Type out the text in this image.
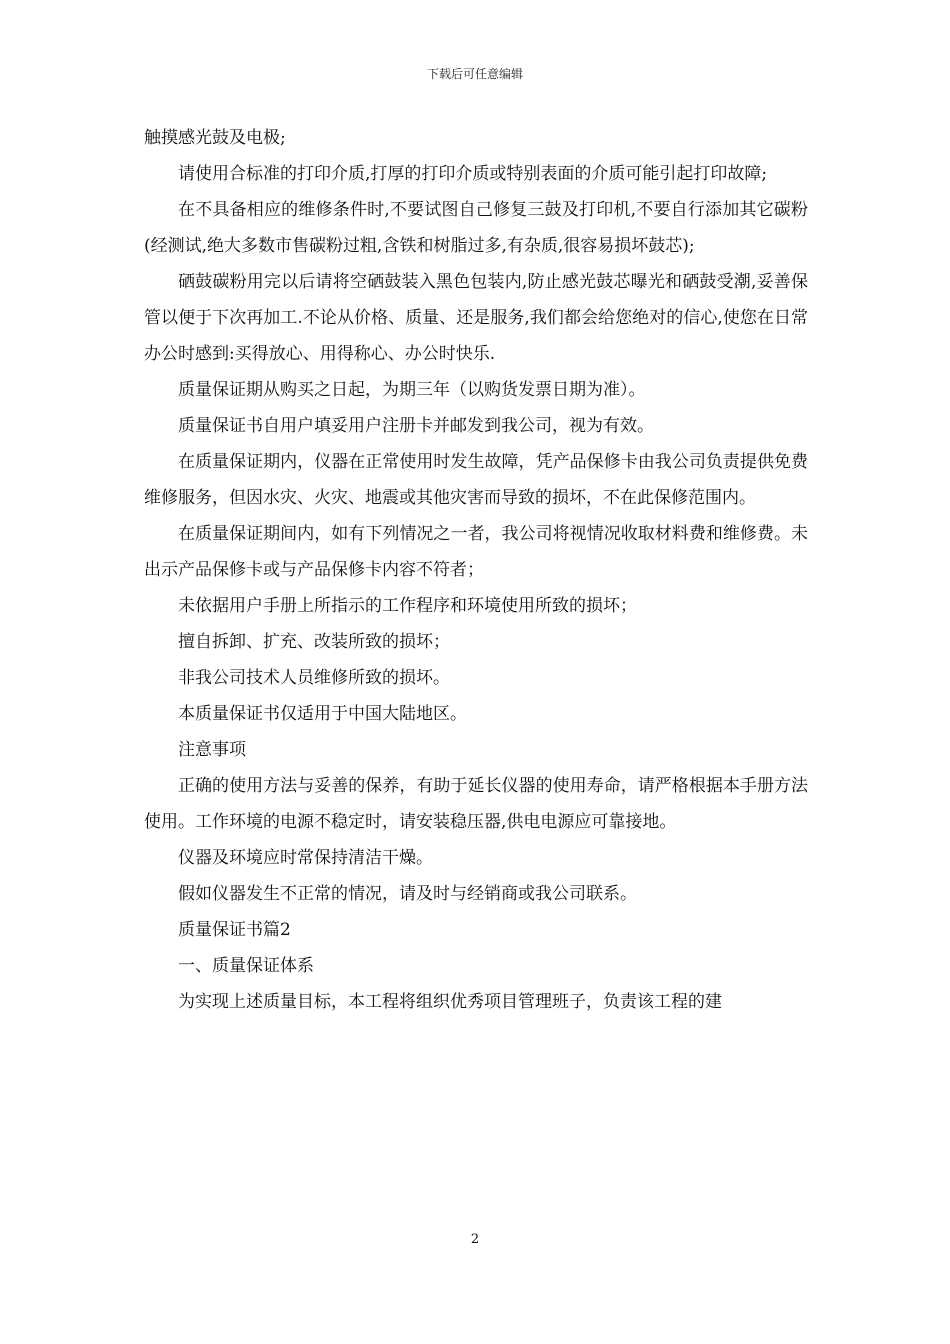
下载后可任意编辑

触摸感光鼓及电极;

请使用合标准的打印介质,打厚的打印介质或特别表面的介质可能引起打印故障;

在不具备相应的维修条件时,不要试图自己修复三鼓及打印机,不要自行添加其它碳粉(经测试,绝大多数市售碳粉过粗,含铁和树脂过多,有杂质,很容易损坏鼓芯);

硒鼓碳粉用完以后请将空硒鼓装入黑色包装内,防止感光鼓芯曝光和硒鼓受潮,妥善保管以便于下次再加工.不论从价格、质量、还是服务,我们都会给您绝对的信心,使您在日常办公时感到:买得放心、用得称心、办公时快乐.

质量保证期从购买之日起，为期三年（以购货发票日期为准）。

质量保证书自用户填妥用户注册卡并邮发到我公司，视为有效。

在质量保证期内，仪器在正常使用时发生故障，凭产品保修卡由我公司负责提供免费维修服务，但因水灾、火灾、地震或其他灾害而导致的损坏，不在此保修范围内。

在质量保证期间内，如有下列情况之一者，我公司将视情况收取材料费和维修费。未出示产品保修卡或与产品保修卡内容不符者；

未依据用户手册上所指示的工作程序和环境使用所致的损坏；

擅自拆卸、扩充、改装所致的损坏；

非我公司技术人员维修所致的损坏。

本质量保证书仅适用于中国大陆地区。

注意事项

正确的使用方法与妥善的保养，有助于延长仪器的使用寿命，请严格根据本手册方法使用。工作环境的电源不稳定时，请安装稳压器,供电电源应可靠接地。

仪器及环境应时常保持清洁干燥。

假如仪器发生不正常的情况，请及时与经销商或我公司联系。

质量保证书篇2

一、质量保证体系

为实现上述质量目标，本工程将组织优秀项目管理班子，负责该工程的建

2
